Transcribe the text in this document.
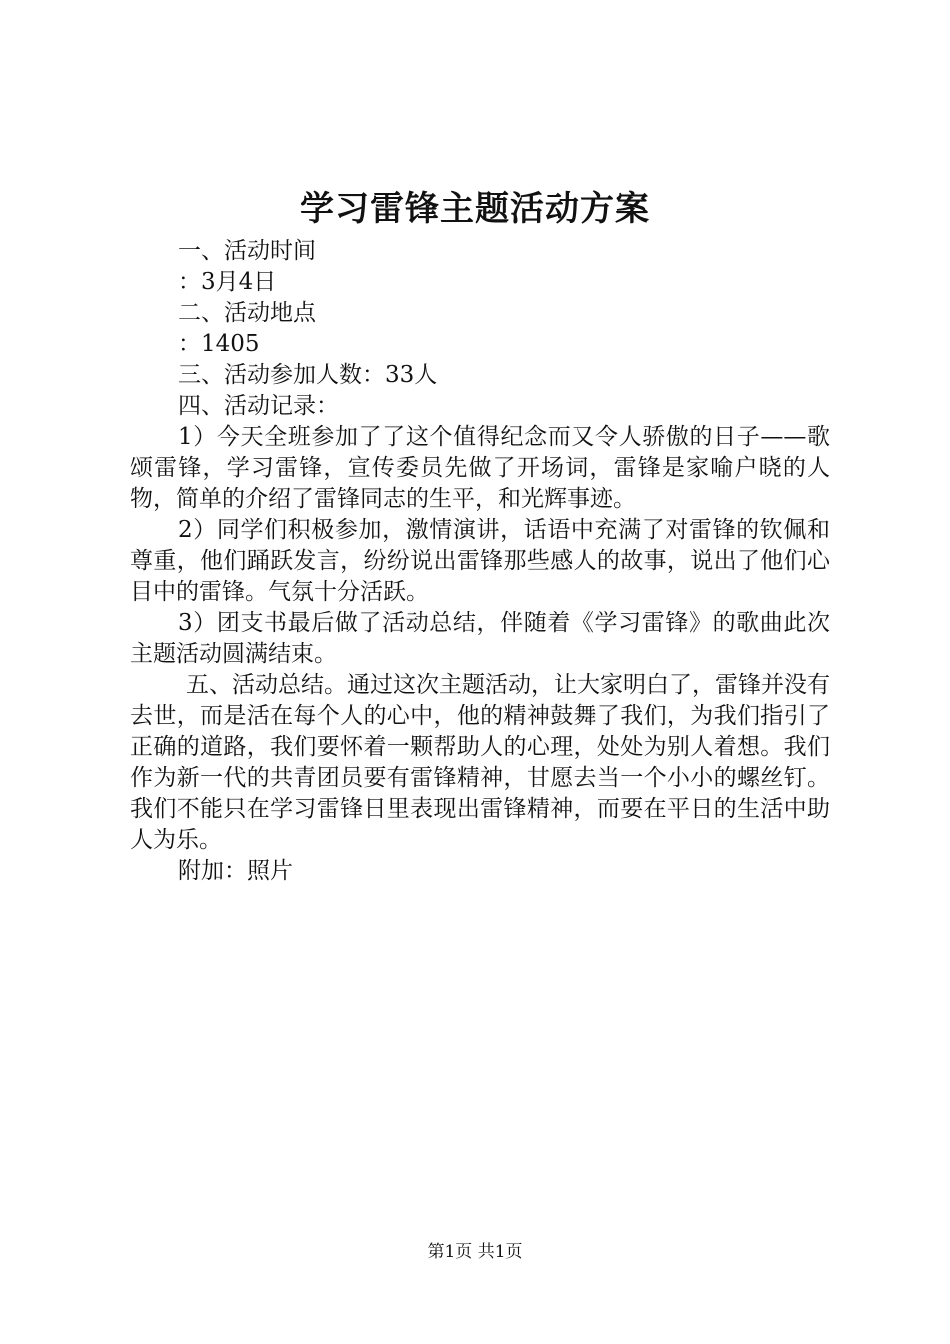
学习雷锋主题活动方案

一、活动时间

：3月4日

二、活动地点

：1405

三、活动参加人数：33人

四、活动记录：

1）今天全班参加了了这个值得纪念而又令人骄傲的日子——歌颂雷锋，学习雷锋，宣传委员先做了开场词，雷锋是家喻户晓的人物，简单的介绍了雷锋同志的生平，和光辉事迹。

2）同学们积极参加，激情演讲，话语中充满了对雷锋的钦佩和尊重，他们踊跃发言，纷纷说出雷锋那些感人的故事，说出了他们心目中的雷锋。气氛十分活跃。

3）团支书最后做了活动总结，伴随着《学习雷锋》的歌曲此次主题活动圆满结束。

五、活动总结。通过这次主题活动，让大家明白了，雷锋并没有去世，而是活在每个人的心中，他的精神鼓舞了我们，为我们指引了正确的道路，我们要怀着一颗帮助人的心理，处处为别人着想。我们作为新一代的共青团员要有雷锋精神，甘愿去当一个小小的螺丝钉。我们不能只在学习雷锋日里表现出雷锋精神，而要在平日的生活中助人为乐。

附加：照片

第1页 共1页
